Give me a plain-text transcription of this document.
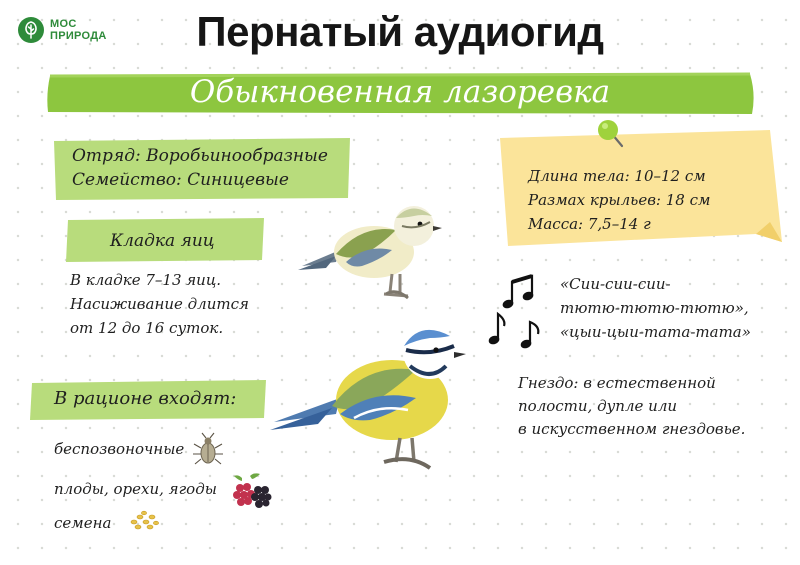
МОС
ПРИРОДА	Пернатый аудиогид
Обыкновенная лазоревка
Отряд: Воробьинообразные
Семейство: Синицевые
Кладка яиц
В кладке 7–13 яиц.
Насиживание длится
от 12 до 16 суток.
В рационе входят:
беспозвоночные
плоды, орехи, ягоды
семена
Длина тела: 10–12 см
Размах крыльев: 18 см
Масса: 7,5–14 г
«Сии-сии-сии-
тютю-тютю-тютю»,
«цыи-цыи-тата-тата»
Гнездо: в естественной
полости, дупле или
в искусственном гнездовье.
